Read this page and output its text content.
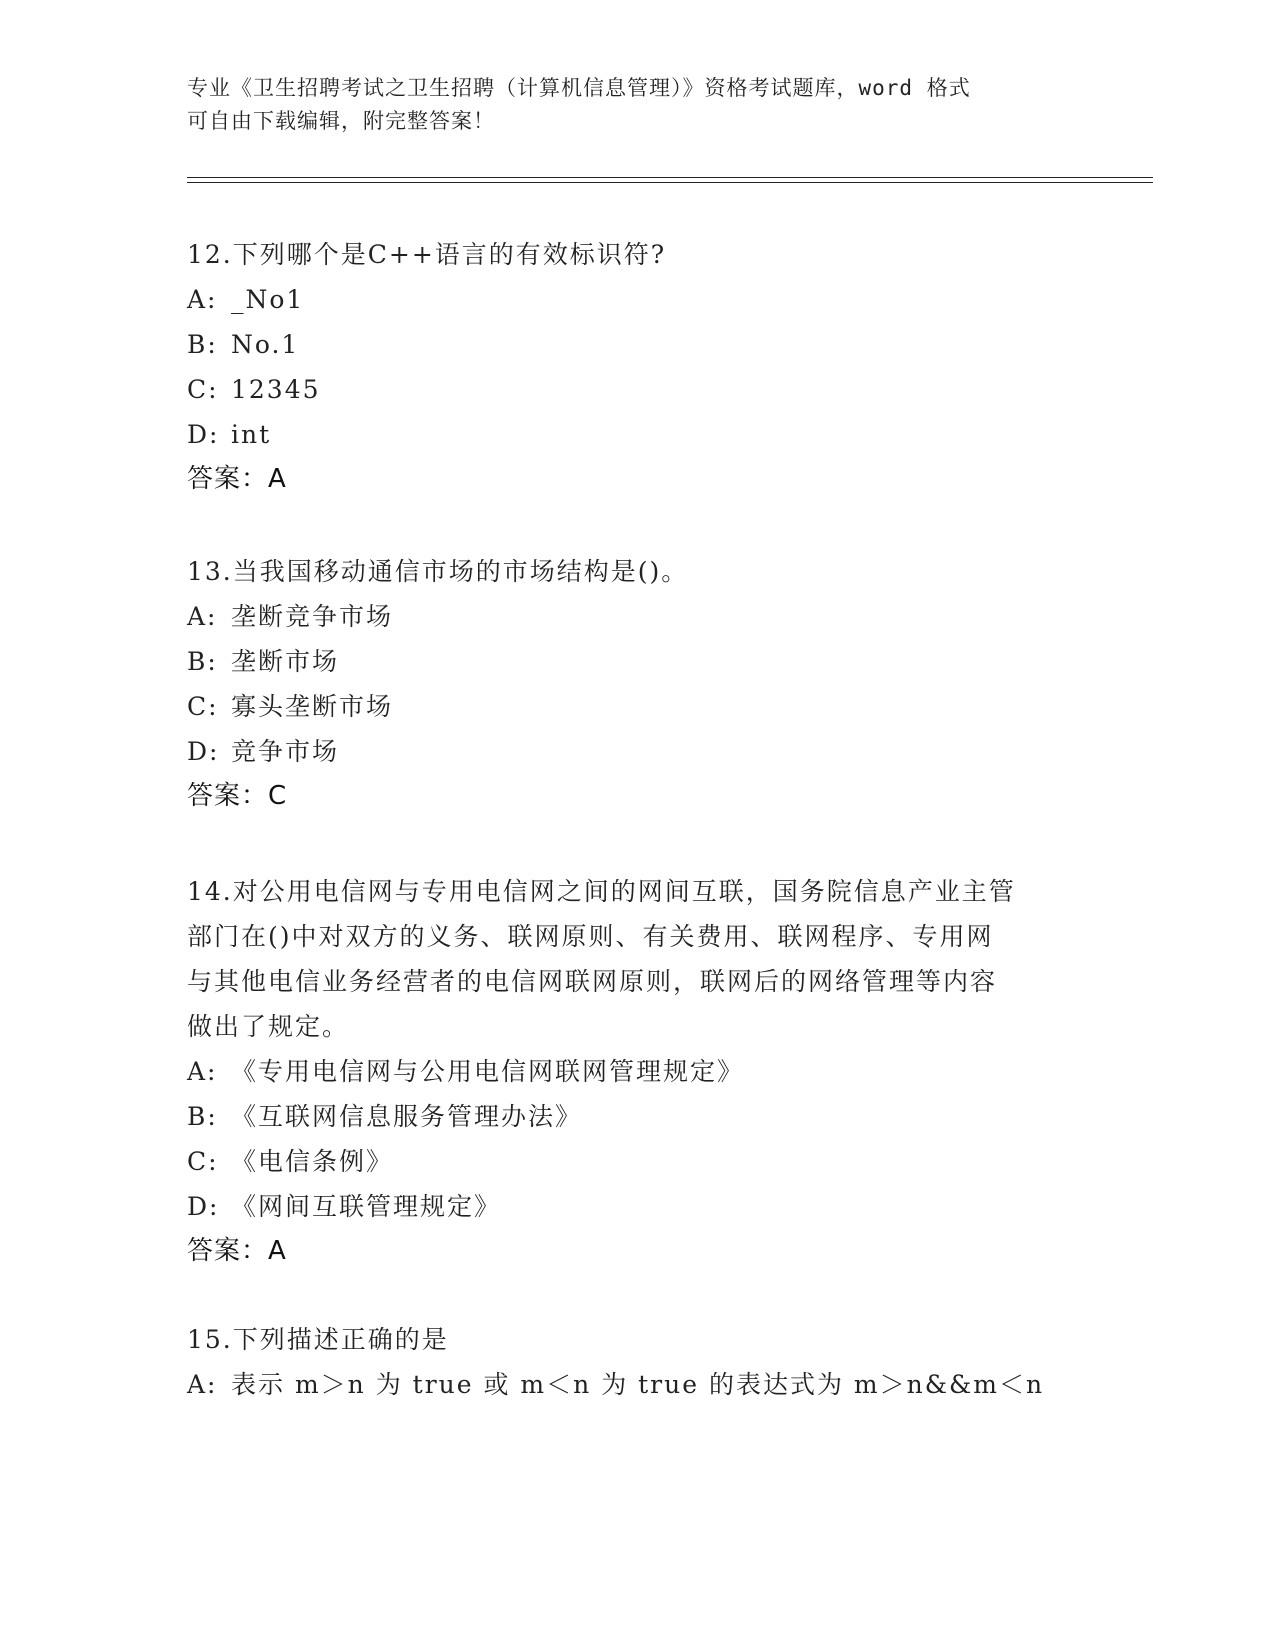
专业《卫生招聘考试之卫生招聘（计算机信息管理）》资格考试题库，word 格式
可自由下载编辑，附完整答案！
12.下列哪个是C++语言的有效标识符?
A: _No1
B: No.1
C: 12345
D: int
答案：A
13.当我国移动通信市场的市场结构是()。
A: 垄断竞争市场
B: 垄断市场
C: 寡头垄断市场
D: 竞争市场
答案：C
14.对公用电信网与专用电信网之间的网间互联，国务院信息产业主管
部门在()中对双方的义务、联网原则、有关费用、联网程序、专用网
与其他电信业务经营者的电信网联网原则，联网后的网络管理等内容
做出了规定。
A: 《专用电信网与公用电信网联网管理规定》
B: 《互联网信息服务管理办法》
C: 《电信条例》
D: 《网间互联管理规定》
答案：A
15.下列描述正确的是
A: 表示 m＞n 为 true 或 m＜n 为 true 的表达式为 m＞n&&m＜n
